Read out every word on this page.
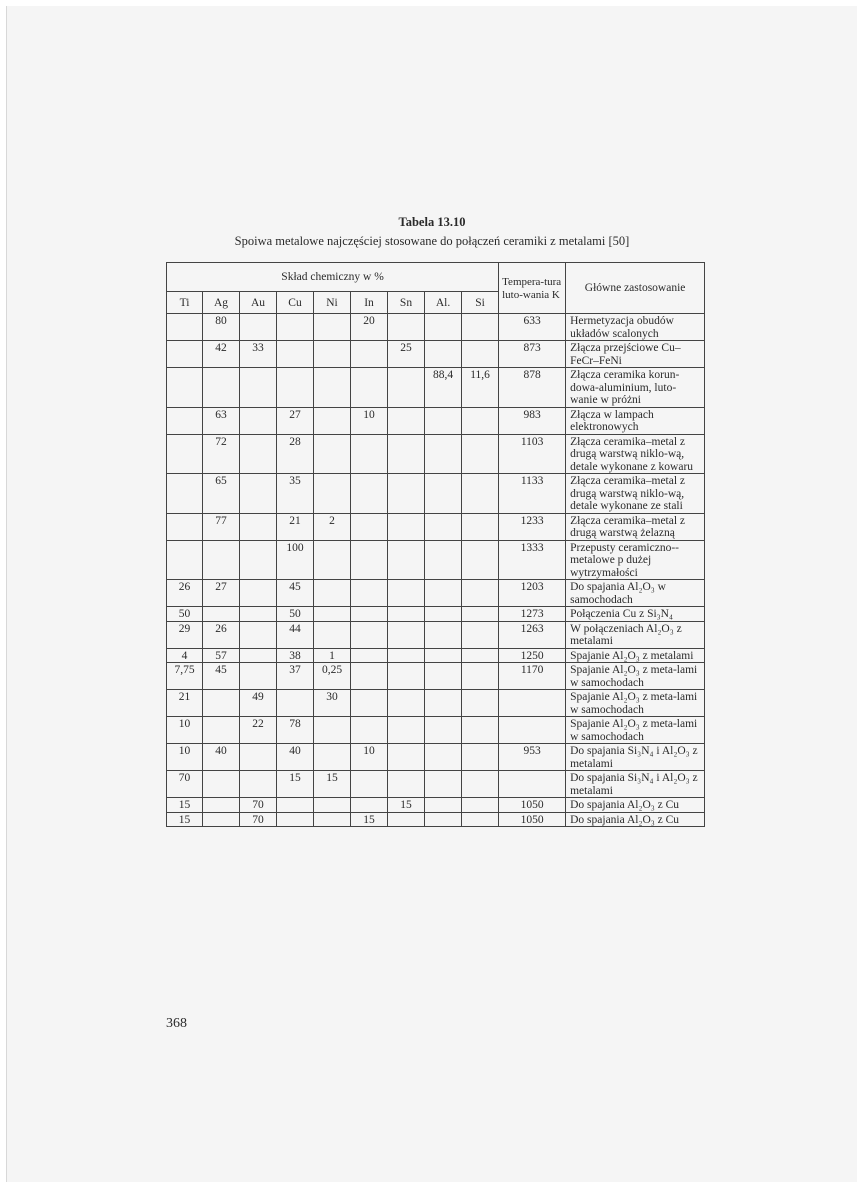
Tabela 13.10
Spoiwa metalowe najczęściej stosowane do połączeń ceramiki z metalami [50]
Skład chemiczny w %									Tempera-tura luto-wania K	Główne zastosowanie
Ti	Ag	Au	Cu	Ni	In	Sn	Al.	Si		
	80				20				633	Hermetyzacja obudów układów scalonych
	42	33				25			873	Złącza przejściowe Cu–FeCr–FeNi
							88,4	11,6	878	Złącza ceramika korun-dowa-aluminium, luto-wanie w próżni
	63		27		10				983	Złącza w lampach elektronowych
	72		28						1103	Złącza ceramika–metal z drugą warstwą niklo-wą, detale wykonane z kowaru
	65		35						1133	Złącza ceramika–metal z drugą warstwą niklo-wą, detale wykonane ze stali
	77		21	2					1233	Złącza ceramika–metal z drugą warstwą żelazną
			100						1333	Przepusty ceramiczno--metalowe p dużej wytrzymałości
26	27		45						1203	Do spajania Al₂O₃ w samochodach
50			50						1273	Połączenia Cu z Si₃N₄
29	26		44						1263	W połączeniach Al₂O₃ z metalami
4	57		38	1					1250	Spajanie Al₂O₃ z metalami
7,75	45		37	0,25					1170	Spajanie Al₂O₃ z meta-lami w samochodach
21		49		30						Spajanie Al₂O₃ z meta-lami w samochodach
10		22	78							Spajanie Al₂O₃ z meta-lami w samochodach
10	40		40		10				953	Do spajania Si₃N₄ i Al₂O₃ z metalami
70			15	15						Do spajania Si₃N₄ i Al₂O₃ z metalami
15		70				15			1050	Do spajania Al₂O₃ z Cu
15		70			15				1050	Do spajania Al₂O₃ z Cu
368
